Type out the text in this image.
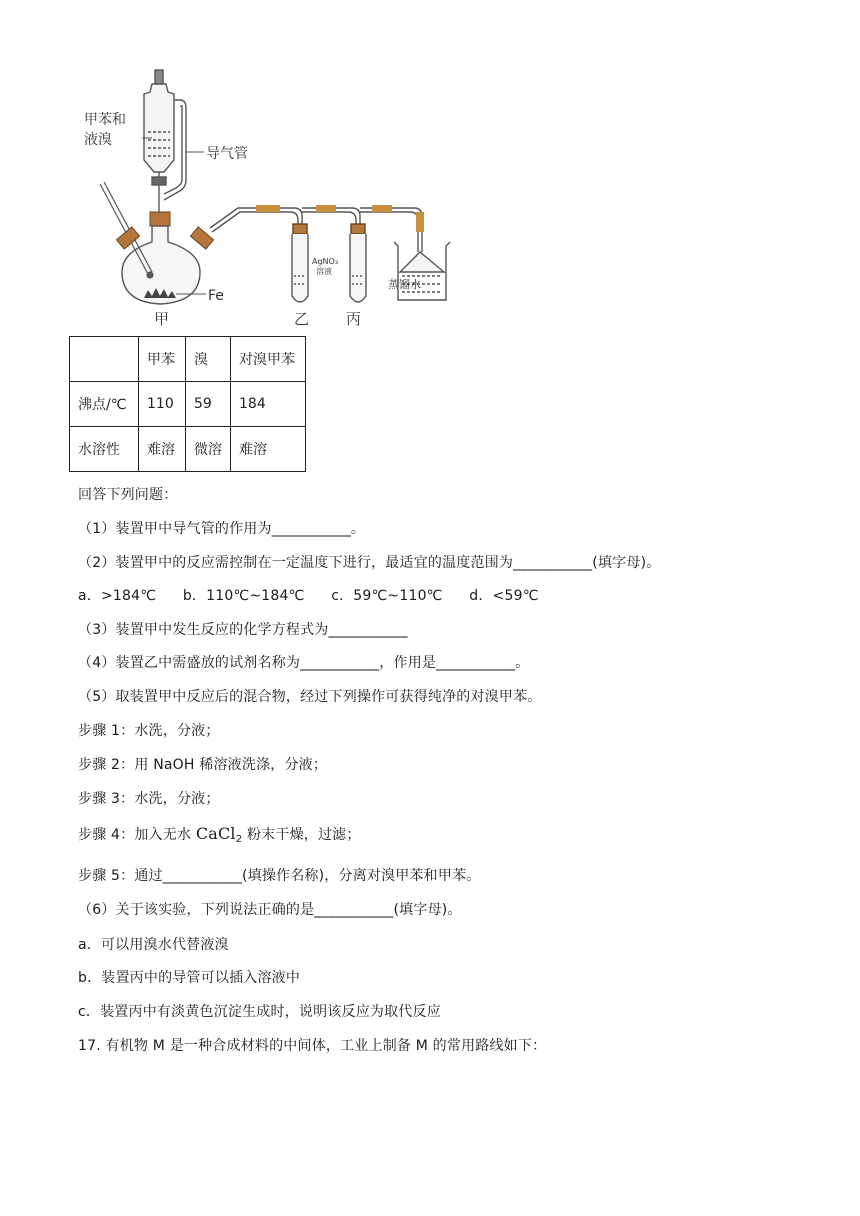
甲苯和
液溴
导气管
Fe
AgNO₃
溶液
蒸馏水
甲	乙 丙
	甲苯	溴	对溴甲苯
沸点/℃	110	59	184
水溶性	难溶	微溶	难溶
回答下列问题：
（1）装置甲中导气管的作用为___________。
（2）装置甲中的反应需控制在一定温度下进行，最适宜的温度范围为___________(填字母)。
a．>184℃ b．110℃~184℃ c．59℃~110℃ d．<59℃
（3）装置甲中发生反应的化学方程式为___________
（4）装置乙中需盛放的试剂名称为___________，作用是___________。
（5）取装置甲中反应后的混合物，经过下列操作可获得纯净的对溴甲苯。
步骤 1：水洗，分液；
步骤 2：用 NaOH 稀溶液洗涤，分液；
步骤 3：水洗，分液；
步骤 4：加入无水 CaCl$_2$ 粉末干燥，过滤；
步骤 5：通过___________(填操作名称)，分离对溴甲苯和甲苯。
（6）关于该实验，下列说法正确的是___________(填字母)。
a．可以用溴水代替液溴
b．装置丙中的导管可以插入溶液中
c．装置丙中有淡黄色沉淀生成时，说明该反应为取代反应
17. 有机物 M 是一种合成材料的中间体，工业上制备 M 的常用路线如下：
